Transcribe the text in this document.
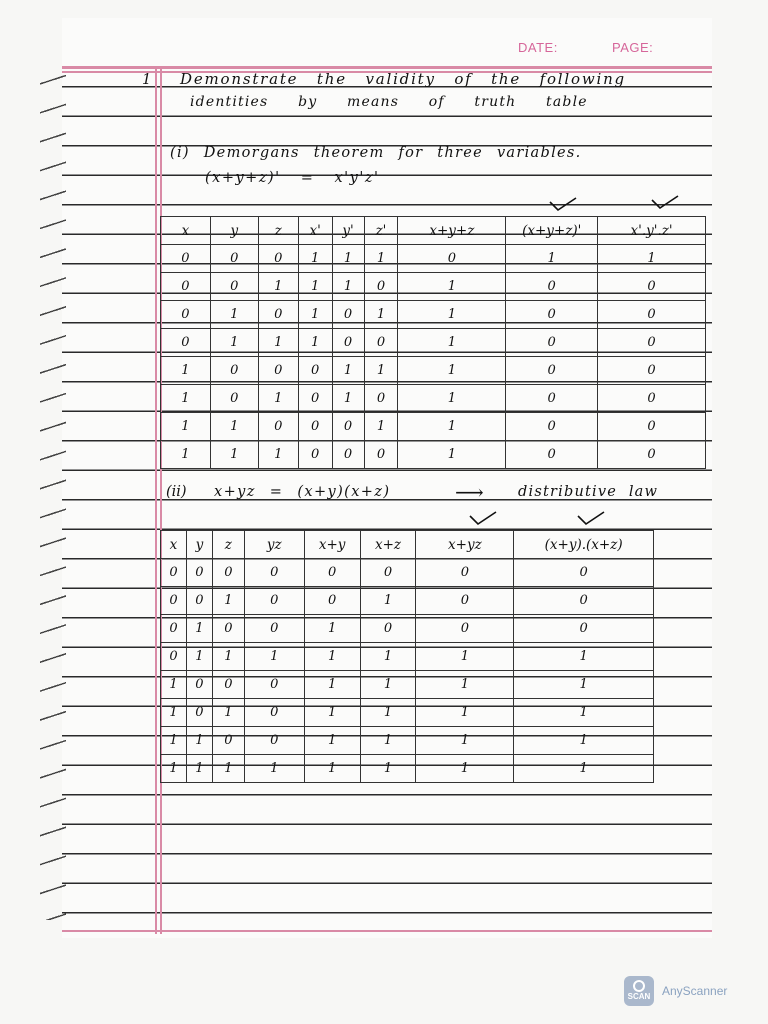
DATE:	PAGE:
1 Demonstrate the validity of the following
identities by means of truth table
(i) Demorgans theorem for three variables.
(x+y+z)' = x'y'z'
x	y	z	x'	y'	z'	x+y+z	(x+y+z)'	x'.y'.z'
0	0	0	1	1	1	0	1	1
0	0	1	1	1	0	1	0	0
0	1	0	1	0	1	1	0	0
0	1	1	1	0	0	1	0	0
1	0	0	0	1	1	1	0	0
1	0	1	0	1	0	1	0	0
1	1	0	0	0	1	1	0	0
1	1	1	0	0	0	1	0	0
(ii) x+yz = (x+y)(x+z)	⟶ distributive law
x	y	z	yz	x+y	x+z	x+yz	(x+y).(x+z)
0	0	0	0	0	0	0	0
0	0	1	0	0	1	0	0
0	1	0	0	1	0	0	0
0	1	1	1	1	1	1	1
1	0	0	0	1	1	1	1
1	0	1	0	1	1	1	1
1	1	0	0	1	1	1	1
1	1	1	1	1	1	1	1
SCAN AnyScanner
